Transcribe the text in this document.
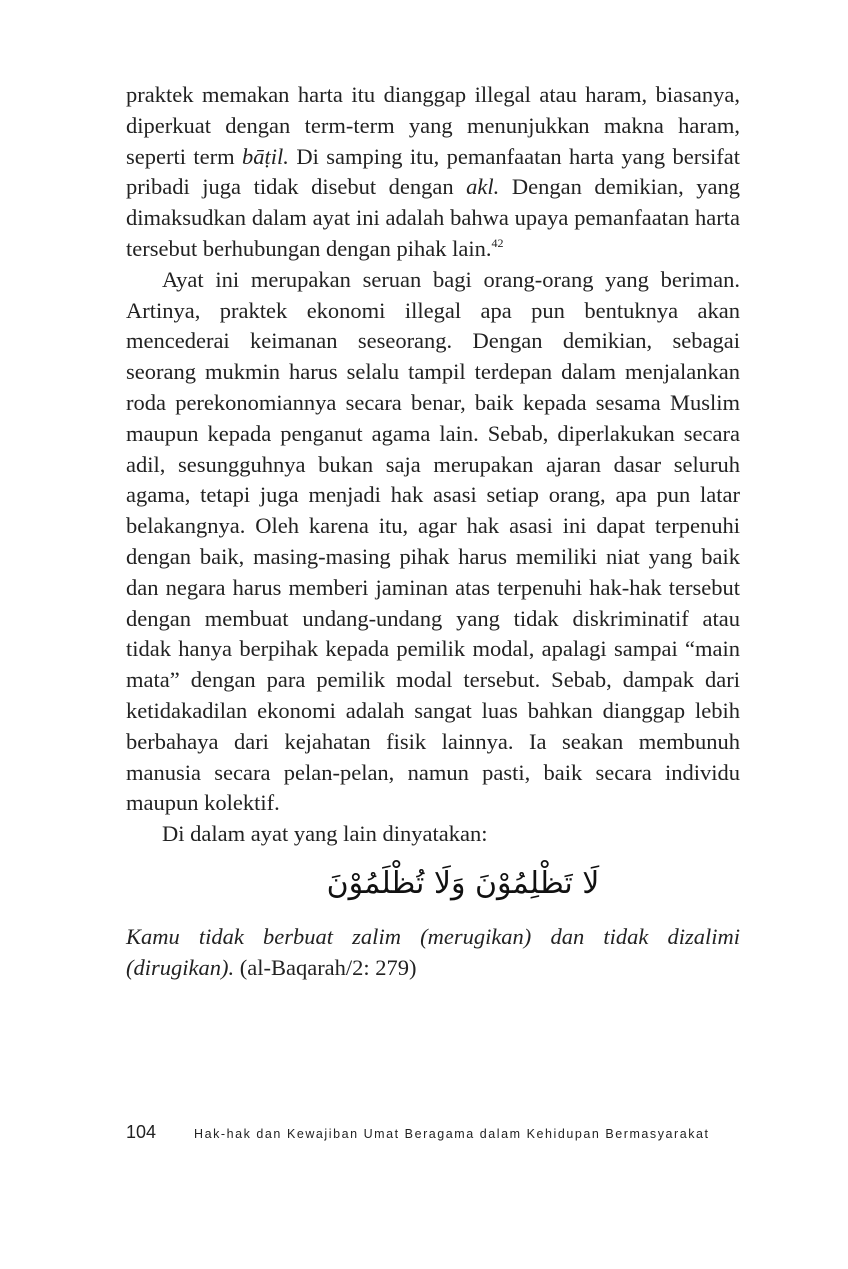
praktek memakan harta itu dianggap illegal atau haram, biasanya, diperkuat dengan term-term yang menunjukkan makna haram, seperti term bāṭil. Di samping itu, pemanfaatan harta yang bersifat pribadi juga tidak disebut dengan akl. Dengan demikian, yang dimaksudkan dalam ayat ini adalah bahwa upaya pemanfaatan harta tersebut berhubungan dengan pihak lain.$^{42}$

Ayat ini merupakan seruan bagi orang-orang yang beriman. Artinya, praktek ekonomi illegal apa pun bentuknya akan mencederai keimanan seseorang. Dengan demikian, sebagai seorang mukmin harus selalu tampil terdepan dalam menjalankan roda perekonomiannya secara benar, baik kepada sesama Muslim maupun kepada penganut agama lain. Sebab, diperlakukan secara adil, sesungguhnya bukan saja merupakan ajaran dasar seluruh agama, tetapi juga menjadi hak asasi setiap orang, apa pun latar belakangnya. Oleh karena itu, agar hak asasi ini dapat terpenuhi dengan baik, masing-masing pihak harus memiliki niat yang baik dan negara harus memberi jaminan atas terpenuhi hak-hak tersebut dengan membuat undang-undang yang tidak diskriminatif atau tidak hanya berpihak kepada pemilik modal, apalagi sampai “main mata” dengan para pemilik modal tersebut. Sebab, dampak dari ketidakadilan ekonomi adalah sangat luas bahkan dianggap lebih berbahaya dari kejahatan fisik lainnya. Ia seakan membunuh manusia secara pelan-pelan, namun pasti, baik secara individu maupun kolektif.

Di dalam ayat yang lain dinyatakan:

لَا تَظْلِمُوْنَ وَلَا تُظْلَمُوْنَ

Kamu tidak berbuat zalim (merugikan) dan tidak dizalimi (dirugikan). (al-Baqarah/2: 279)

104	Hak-hak dan Kewajiban Umat Beragama dalam Kehidupan Bermasyarakat
